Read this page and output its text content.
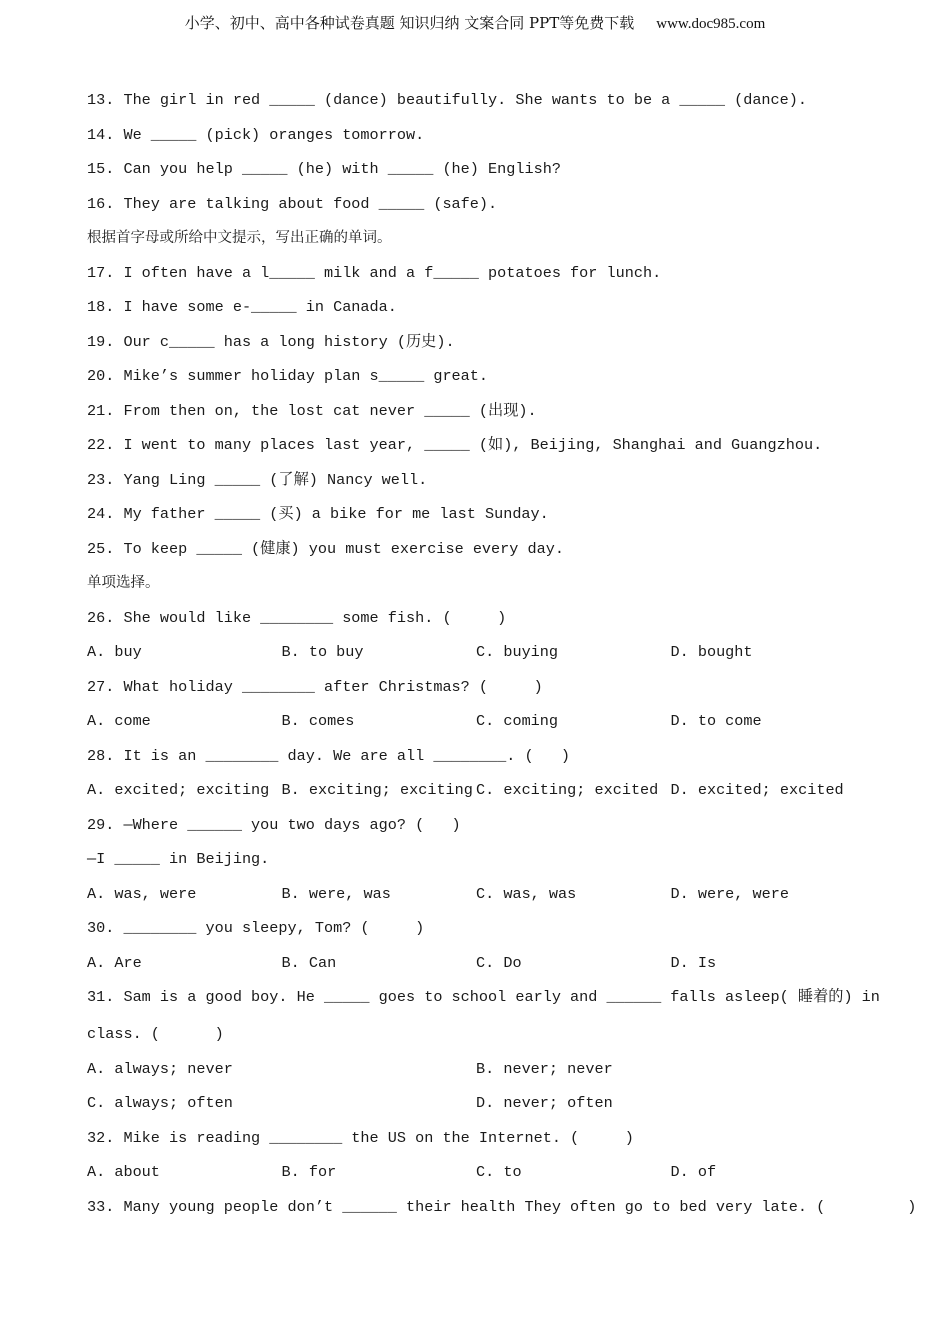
小学、初中、高中各种试卷真题 知识归纳 文案合同 PPT等免费下载 www.doc985.com
13. The girl in red _____ (dance) beautifully. She wants to be a _____ (dance).
14. We _____ (pick) oranges tomorrow.
15. Can you help _____ (he) with _____ (he) English?
16. They are talking about food _____ (safe).
根据首字母或所给中文提示，写出正确的单词。
17. I often have a l_____ milk and a f_____ potatoes for lunch.
18. I have some e-_____ in Canada.
19. Our c_____ has a long history (历史).
20. Mike’s summer holiday plan s_____ great.
21. From then on, the lost cat never _____ (出现).
22. I went to many places last year, _____ (如), Beijing, Shanghai and Guangzhou.
23. Yang Ling _____ (了解) Nancy well.
24. My father _____ (买) a bike for me last Sunday.
25. To keep _____ (健康) you must exercise every day.
单项选择。
26. She would like ________ some fish. (     )
A. buy	B. to buy	C. buying	D. bought
27. What holiday ________ after Christmas? (     )
A. come	B. comes	C. coming	D. to come
28. It is an ________ day. We are all ________. (   )
A. excited; exciting B. exciting; exciting C. exciting; excited D. excited; excited
29. —Where ______ you two days ago? (   )
—I _____ in Beijing.
A. was, were	B. were, was	C. was, was	D. were, were
30. ________ you sleepy, Tom? (     )
A. Are	B. Can	C. Do	D. Is
31. Sam is a good boy. He _____ goes to school early and ______ falls asleep( 睡着的) in
class. (      )
A. always; never	B. never; never
C. always; often	D. never; often
32. Mike is reading ________ the US on the Internet. (     )
A. about	B. for	C. to	D. of
33. Many young people don’t ______ their health They often go to bed very late. (         )
